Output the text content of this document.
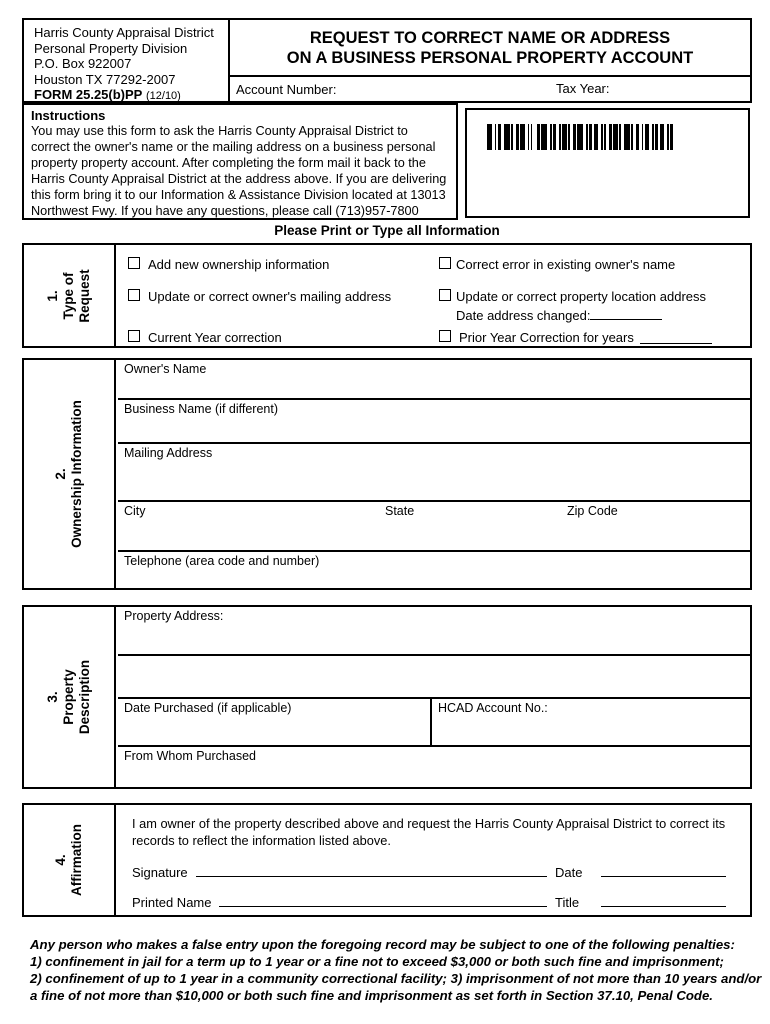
Harris County Appraisal District
Personal Property Division
P.O. Box 922007
Houston TX 77292-2007
FORM 25.25(b)PP (12/10)
REQUEST TO CORRECT NAME OR ADDRESS
ON A BUSINESS PERSONAL PROPERTY ACCOUNT
Account Number:	Tax Year:
Instructions
You may use this form to ask the Harris County Appraisal District to correct the owner's name or the mailing address on a business personal property property account. After completing the form mail it back to the Harris County Appraisal District at the address above. If you are delivering this form bring it to our Information & Assistance Division located at 13013 Northwest Fwy. If you have any questions, please call (713)957-7800
Please Print or Type all Information
1. Type of Request
Add new ownership information	Correct error in existing owner's name
Update or correct owner's mailing address	Update or correct property location address
Date address changed:
Current Year correction	Prior Year Correction for years
2. Ownership Information
Owner's Name
Business Name (if different)
Mailing Address
City	State	Zip Code
Telephone (area code and number)
3. Property Description
Property Address:
Date Purchased (if applicable)	HCAD Account No.:
From Whom Purchased
4. Affirmation
I am owner of the property described above and request the Harris County Appraisal District to correct its records to reflect the information listed above.
Signature	Date
Printed Name	Title
Any person who makes a false entry upon the foregoing record may be subject to one of the following penalties:
1) confinement in jail for a term up to 1 year or a fine not to exceed $3,000 or both such fine and imprisonment;
2) confinement of up to 1 year in a community correctional facility; 3) imprisonment of not more than 10 years and/or
a fine of not more than $10,000 or both such fine and imprisonment as set forth in Section 37.10, Penal Code.
